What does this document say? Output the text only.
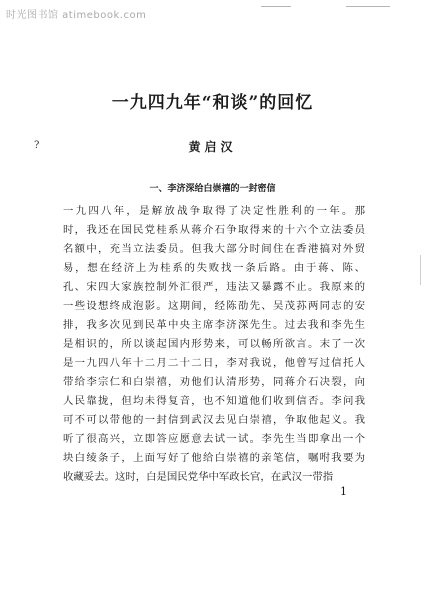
时光图书馆 atimebook.com
一九四九年“和谈”的回忆
?	黄启汉
一、李济深给白崇禧的一封密信
一九四八年，是解放战争取得了决定性胜利的一年。那
时，我还在国民党桂系从蒋介石争取得来的十六个立法委员
名额中，充当立法委员。但我大部分时间住在香港搞对外贸
易，想在经济上为桂系的失败找一条后路。由于蒋、陈、
孔、宋四大家族控制外汇很严，违法又暴露不止。我原来的
一些设想终成泡影。这期间，经陈劭先、吴茂荪两同志的安
排，我多次见到民革中央主席李济深先生。过去我和李先生
是相识的，所以谈起国内形势来，可以畅所欲言。末了一次
是一九四八年十二月二十二日，李对我说，他曾写过信托人
带给李宗仁和白崇禧，劝他们认清形势，同蒋介石决裂，向
人民靠拢，但均未得复音，也不知道他们收到信否。李问我
可不可以带他的一封信到武汉去见白崇禧，争取他起义。我
听了很高兴，立即答应愿意去试一试。李先生当即拿出一个
块白绫条子，上面写好了他给白崇禧的亲笔信，嘱咐我要为
收藏妥去。这时，白是国民党华中军政长官，在武汉一带指
1
